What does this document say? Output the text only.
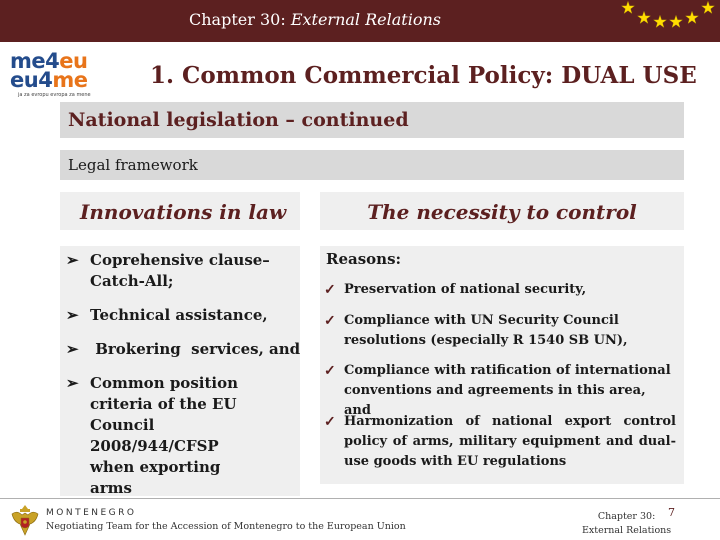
Chapter 30: External Relations
me4eu
eu4me
ja za evropu evropa za mene
1. Common Commercial Policy: DUAL USE
National legislation – continued
Legal framework
Innovations in law	The necessity to control
➢ Coprehensive clause– Catch-All;
➢ Technical assistance,
➢ Brokering  services, and
➢ Common position criteria of the EU Council 2008/944/CFSP when exporting arms
Reasons:
✓ Preservation of national security,
✓ Compliance with UN Security Council resolutions (especially R 1540 SB UN),
✓ Compliance with ratification of international conventions and agreements in this area, and
✓ Harmonization of national export control policy of arms, military equipment and dual-use goods with EU regulations
MONTENEGRO
Negotiating Team for the Accession of Montenegro to the European Union
Chapter 30:
External Relations
7
